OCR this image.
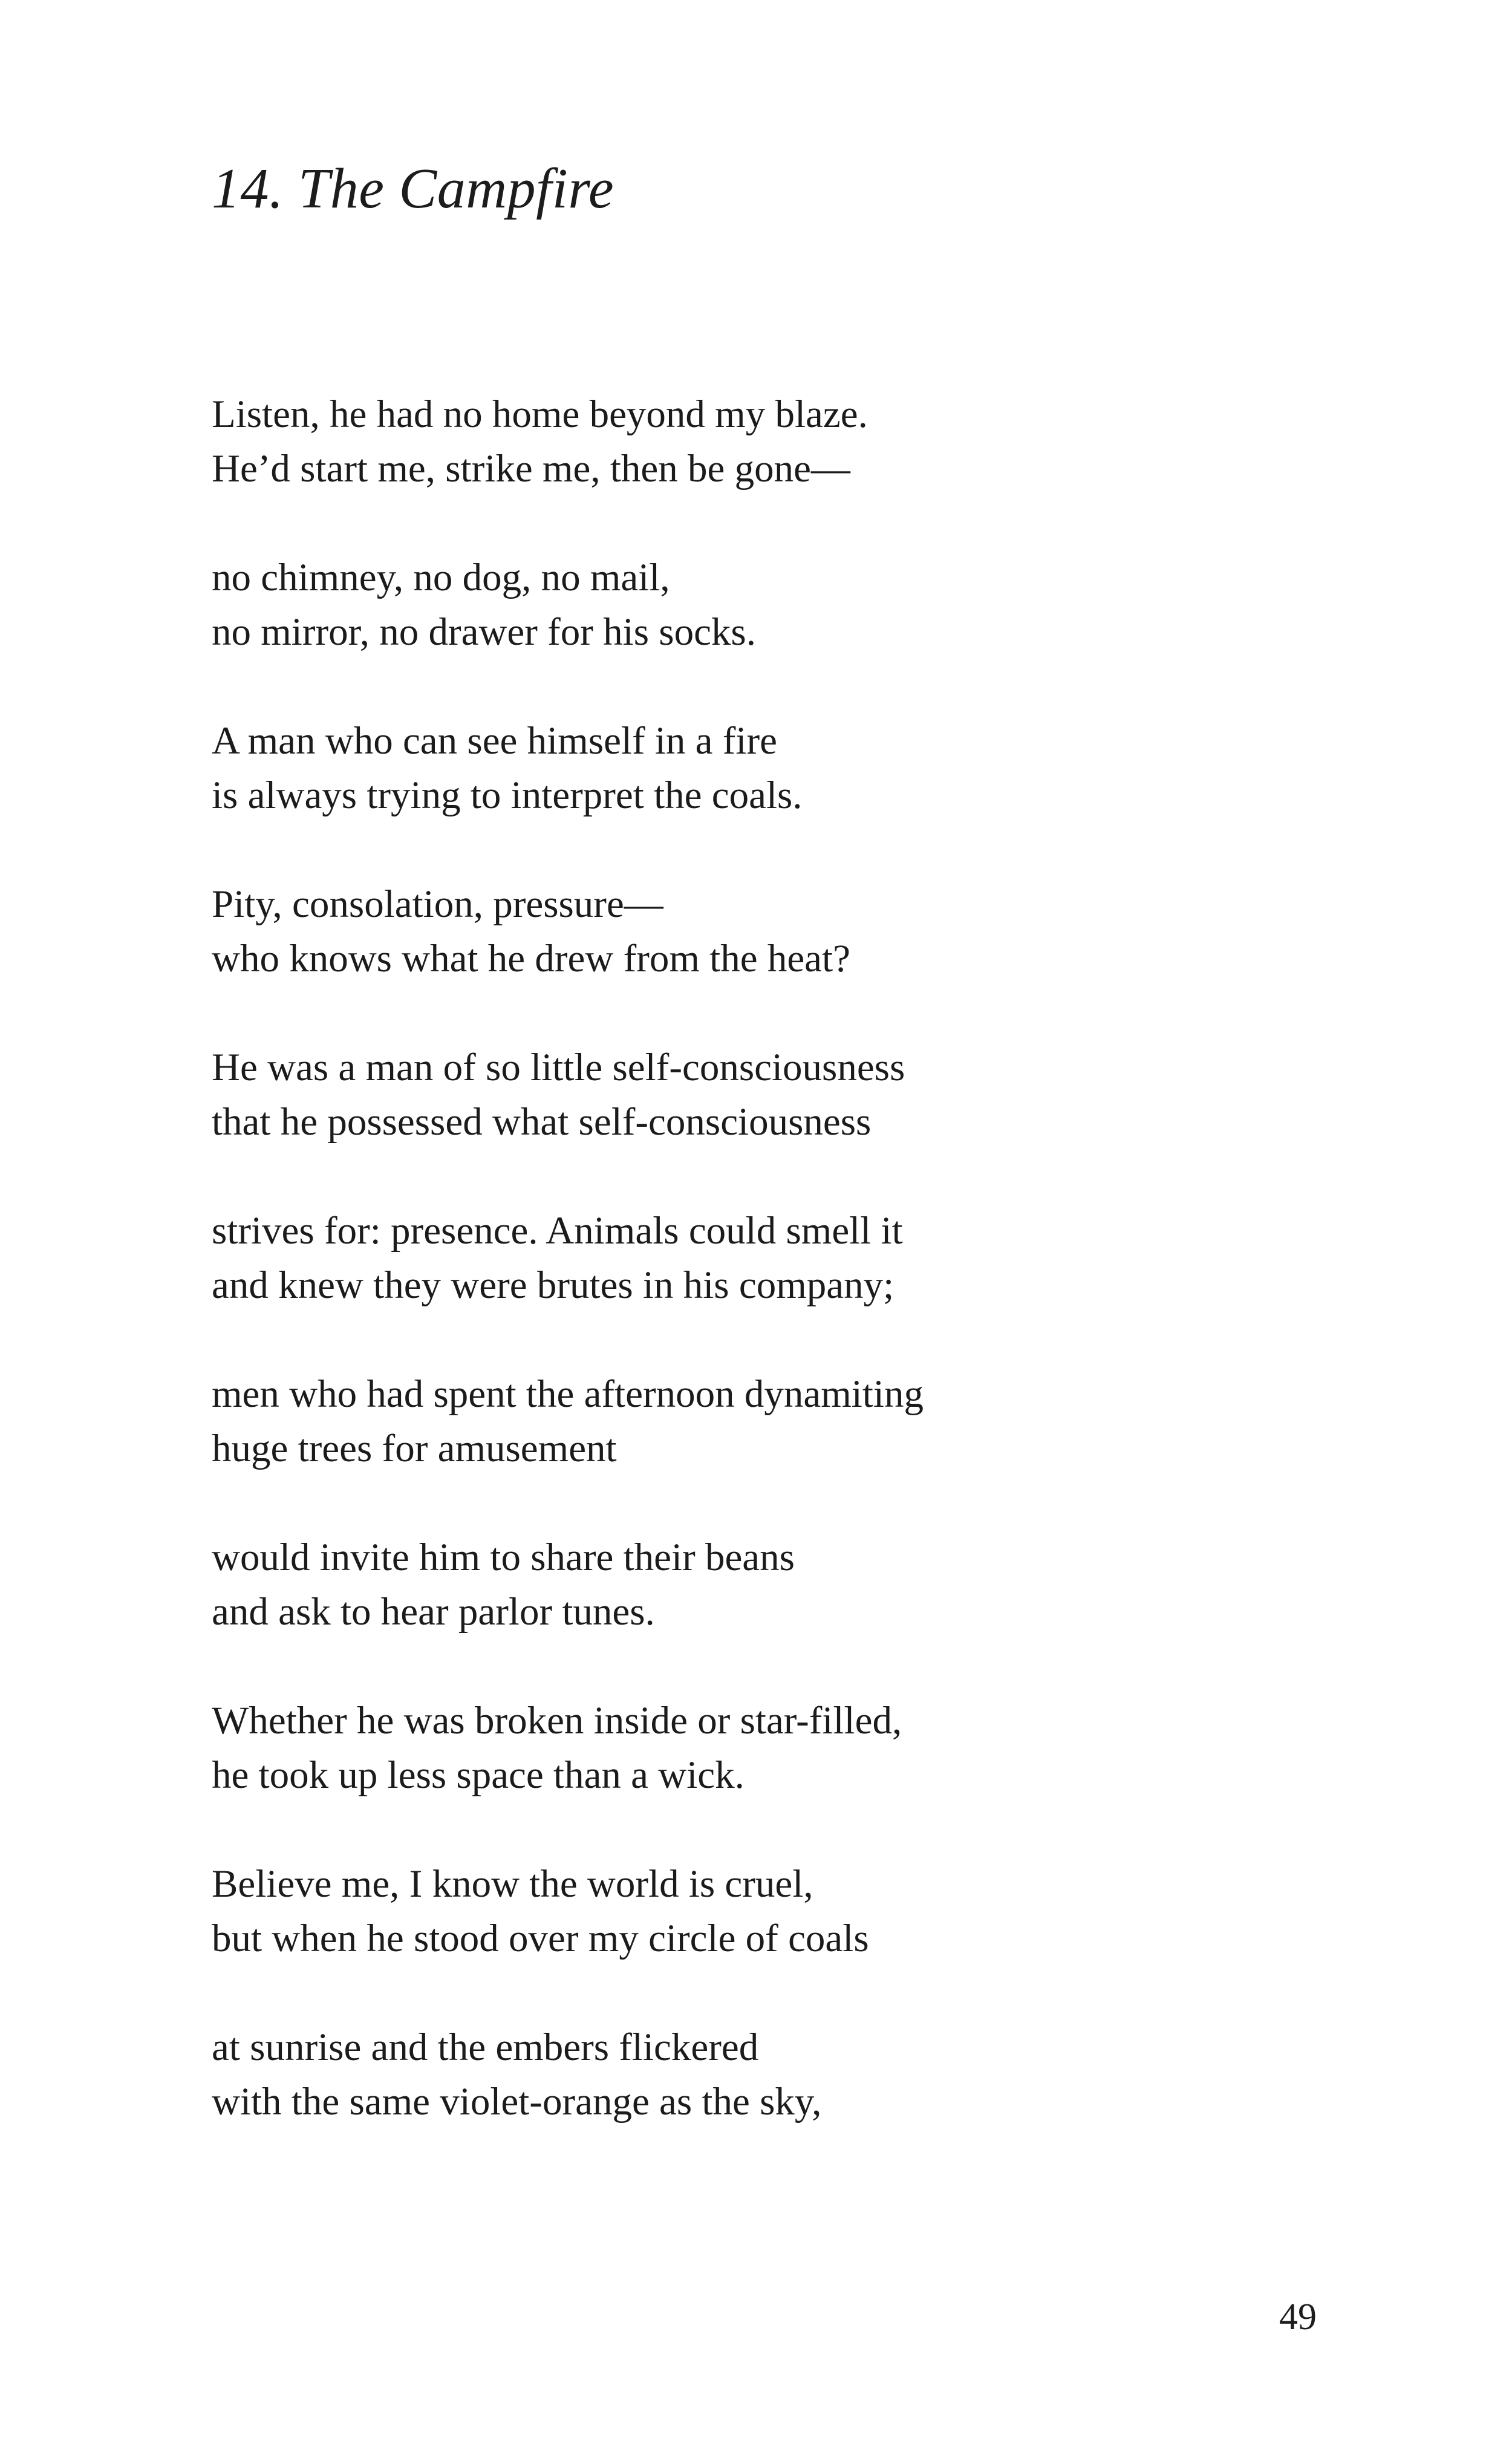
14. The Campfire
Listen, he had no home beyond my blaze.
He’d start me, strike me, then be gone—
no chimney, no dog, no mail,
no mirror, no drawer for his socks.
A man who can see himself in a fire
is always trying to interpret the coals.
Pity, consolation, pressure—
who knows what he drew from the heat?
He was a man of so little self-consciousness
that he possessed what self-consciousness
strives for: presence. Animals could smell it
and knew they were brutes in his company;
men who had spent the afternoon dynamiting
huge trees for amusement
would invite him to share their beans
and ask to hear parlor tunes.
Whether he was broken inside or star-filled,
he took up less space than a wick.
Believe me, I know the world is cruel,
but when he stood over my circle of coals
at sunrise and the embers flickered
with the same violet-orange as the sky,
49
